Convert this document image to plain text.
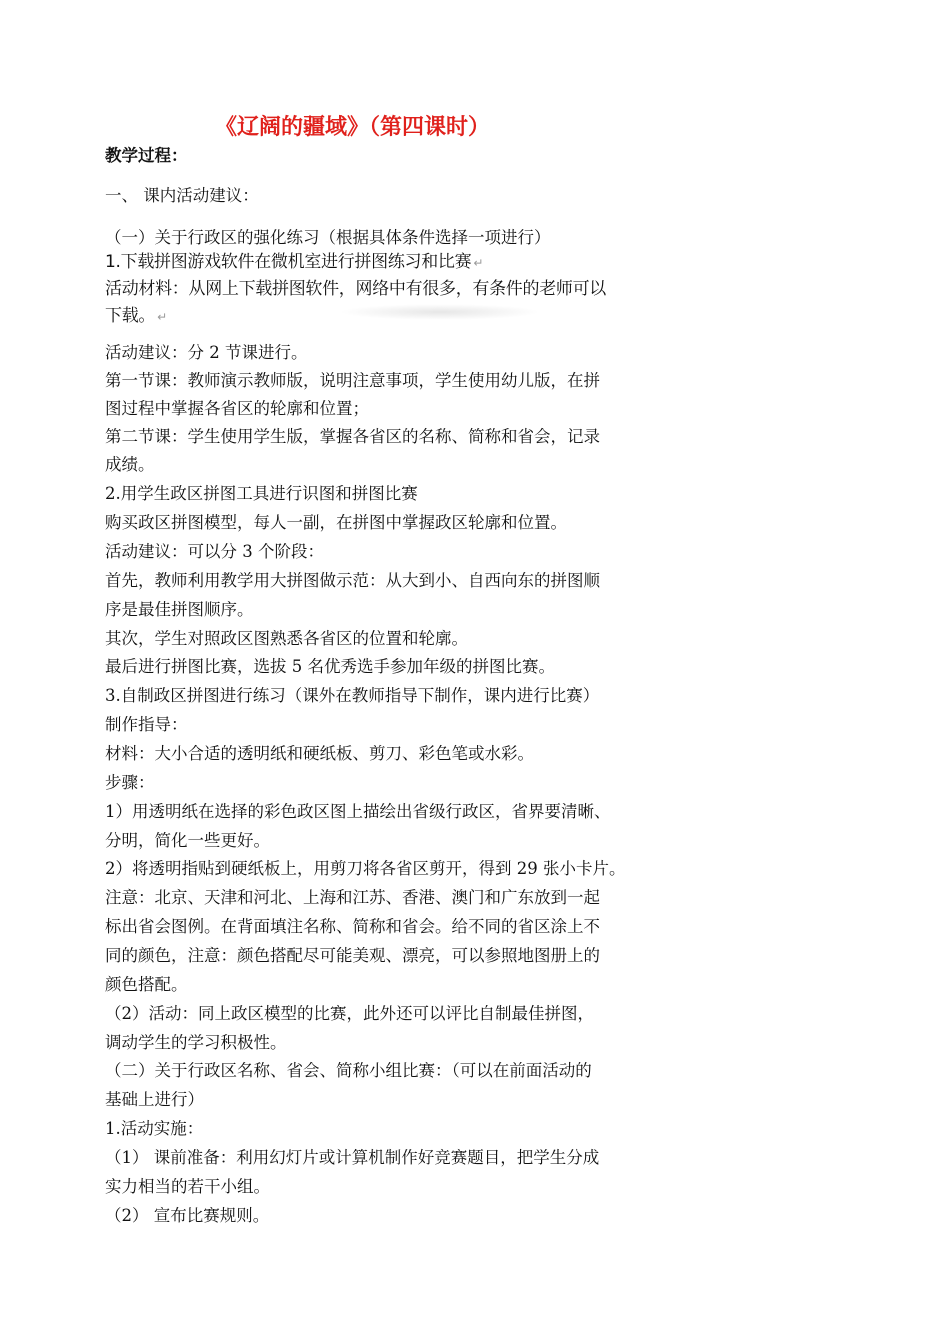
《辽阔的疆域》（第四课时）
教学过程：
一、 课内活动建议：
（一）关于行政区的强化练习（根据具体条件选择一项进行）
1.下载拼图游戏软件在微机室进行拼图练习和比赛 ↵
活动材料：从网上下载拼图软件，网络中有很多，有条件的老师可以
下载。 ↵
活动建议：分 2 节课进行。
第一节课：教师演示教师版，说明注意事项，学生使用幼儿版，在拼
图过程中掌握各省区的轮廓和位置；
第二节课：学生使用学生版，掌握各省区的名称、简称和省会，记录
成绩。
2.用学生政区拼图工具进行识图和拼图比赛
购买政区拼图模型，每人一副，在拼图中掌握政区轮廓和位置。
活动建议：可以分 3 个阶段：
首先，教师利用教学用大拼图做示范：从大到小、自西向东的拼图顺
序是最佳拼图顺序。
其次，学生对照政区图熟悉各省区的位置和轮廓。
最后进行拼图比赛，选拔 5 名优秀选手参加年级的拼图比赛。
3.自制政区拼图进行练习（课外在教师指导下制作，课内进行比赛）
制作指导：
材料：大小合适的透明纸和硬纸板、剪刀、彩色笔或水彩。
步骤：
1）用透明纸在选择的彩色政区图上描绘出省级行政区，省界要清晰、
分明，简化一些更好。
2）将透明指贴到硬纸板上，用剪刀将各省区剪开，得到 29 张小卡片。
注意：北京、天津和河北、上海和江苏、香港、澳门和广东放到一起
标出省会图例。在背面填注名称、简称和省会。给不同的省区涂上不
同的颜色，注意：颜色搭配尽可能美观、漂亮，可以参照地图册上的
颜色搭配。
（2）活动：同上政区模型的比赛，此外还可以评比自制最佳拼图，
调动学生的学习积极性。
（二）关于行政区名称、省会、简称小组比赛：（可以在前面活动的
基础上进行）
1.活动实施：
（1） 课前准备：利用幻灯片或计算机制作好竞赛题目，把学生分成
实力相当的若干小组。
（2） 宣布比赛规则。
